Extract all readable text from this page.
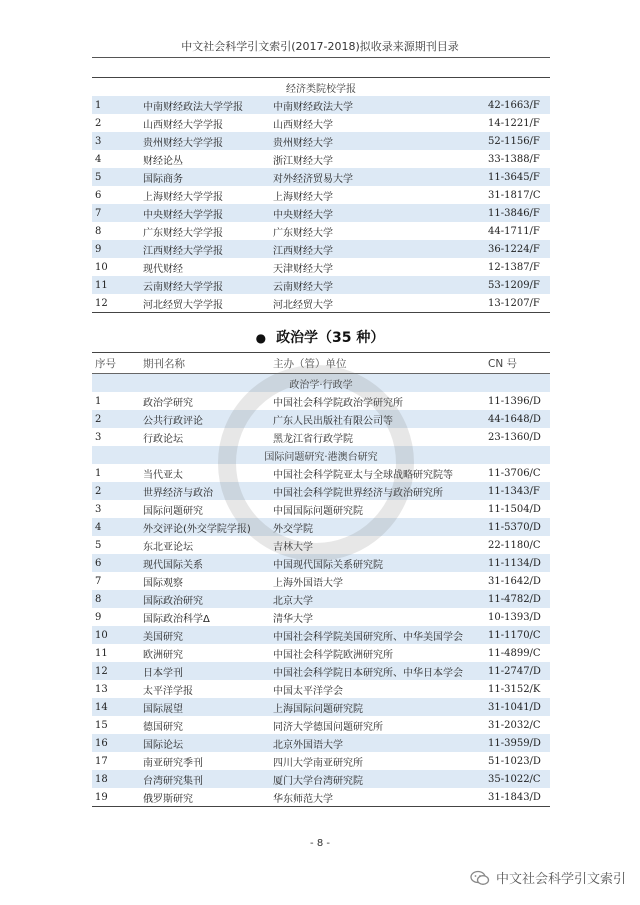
中文社会科学引文索引(2017-2018)拟收录来源期刊目录
经济类院校学报			
1	中南财经政法大学学报	中南财经政法大学	42-1663/F
2	山西财经大学学报	山西财经大学	14-1221/F
3	贵州财经大学学报	贵州财经大学	52-1156/F
4	财经论丛	浙江财经大学	33-1388/F
5	国际商务	对外经济贸易大学	11-3645/F
6	上海财经大学学报	上海财经大学	31-1817/C
7	中央财经大学学报	中央财经大学	11-3846/F
8	广东财经大学学报	广东财经大学	44-1711/F
9	江西财经大学学报	江西财经大学	36-1224/F
10	现代财经	天津财经大学	12-1387/F
11	云南财经大学学报	云南财经大学	53-1209/F
12	河北经贸大学学报	河北经贸大学	13-1207/F
● 政治学（35 种）
序号	期刊名称	主办（管）单位	CN 号
政治学·行政学			
1	政治学研究	中国社会科学院政治学研究所	11-1396/D
2	公共行政评论	广东人民出版社有限公司等	44-1648/D
3	行政论坛	黑龙江省行政学院	23-1360/D
国际问题研究·港澳台研究			
1	当代亚太	中国社会科学院亚太与全球战略研究院等	11-3706/C
2	世界经济与政治	中国社会科学院世界经济与政治研究所	11-1343/F
3	国际问题研究	中国国际问题研究院	11-1504/D
4	外交评论(外交学院学报)	外交学院	11-5370/D
5	东北亚论坛	吉林大学	22-1180/C
6	现代国际关系	中国现代国际关系研究院	11-1134/D
7	国际观察	上海外国语大学	31-1642/D
8	国际政治研究	北京大学	11-4782/D
9	国际政治科学Δ	清华大学	10-1393/D
10	美国研究	中国社会科学院美国研究所、中华美国学会	11-1170/C
11	欧洲研究	中国社会科学院欧洲研究所	11-4899/C
12	日本学刊	中国社会科学院日本研究所、中华日本学会	11-2747/D
13	太平洋学报	中国太平洋学会	11-3152/K
14	国际展望	上海国际问题研究院	31-1041/D
15	德国研究	同济大学德国问题研究所	31-2032/C
16	国际论坛	北京外国语大学	11-3959/D
17	南亚研究季刊	四川大学南亚研究所	51-1023/D
18	台湾研究集刊	厦门大学台湾研究院	35-1022/C
19	俄罗斯研究	华东师范大学	31-1843/D
- 8 -
中文社会科学引文索引
